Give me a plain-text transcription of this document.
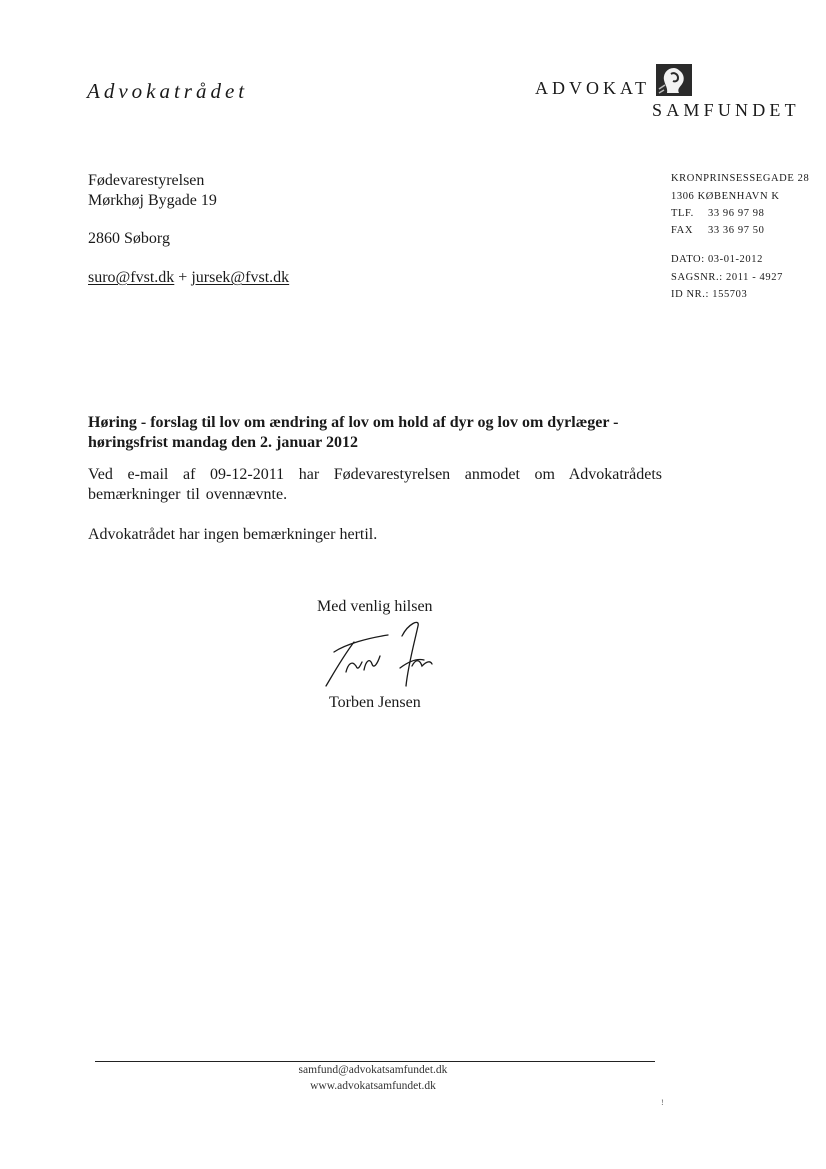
Advokatrådet	ADVOKAT
SAMFUNDET
Fødevarestyrelsen
Mørkhøj Bygade 19
2860 Søborg
suro@fvst.dk + jursek@fvst.dk
KRONPRINSESSEGADE 28
1306 KØBENHAVN K
TLF. 33 96 97 98
FAX 33 36 97 50
DATO: 03-01-2012
SAGSNR.: 2011 - 4927
ID NR.: 155703
Høring - forslag til lov om ændring af lov om hold af dyr og lov om dyrlæger -
høringsfrist mandag den 2. januar 2012
Ved e-mail af 09-12-2011 har Fødevarestyrelsen anmodet om Advokatrådets bemærkninger til ovennævnte.
Advokatrådet har ingen bemærkninger hertil.
Med venlig hilsen
Torben Jensen
samfund@advokatsamfundet.dk
www.advokatsamfundet.dk
!
